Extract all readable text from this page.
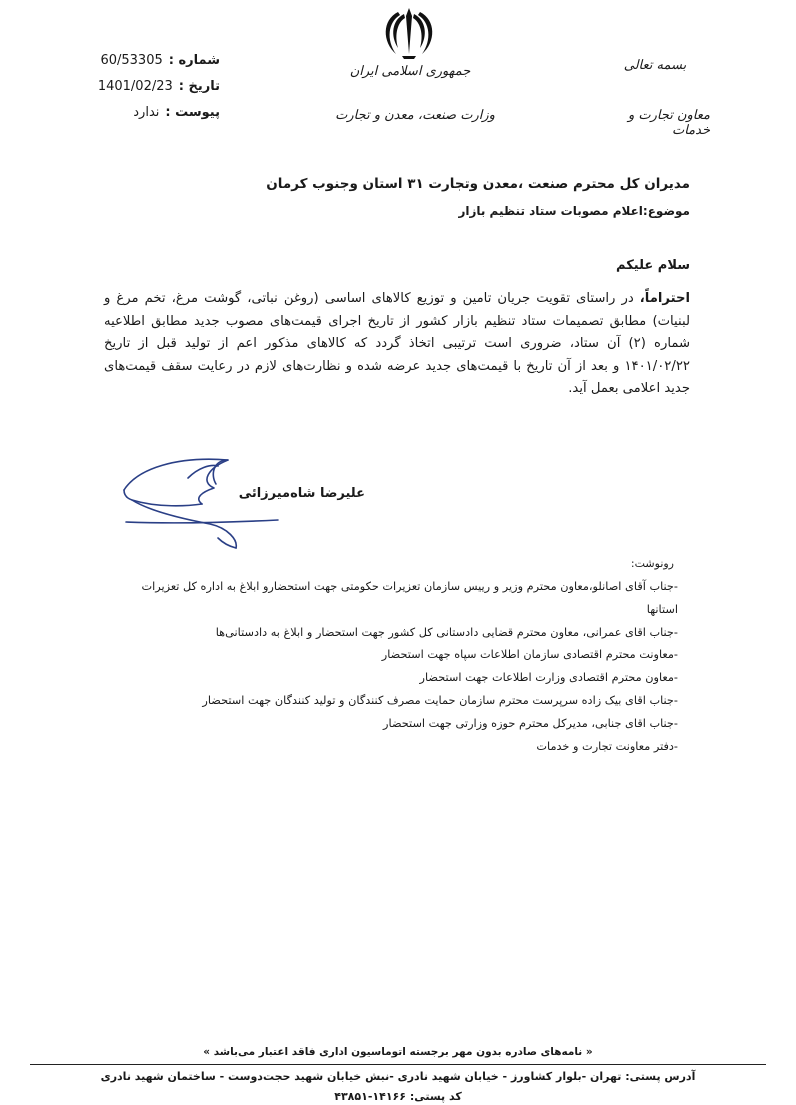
جمهوری اسلامی ایران
وزارت صنعت، معدن و تجارت
بسمه تعالی
معاون تجارت و خدمات
شماره :
60/53305
تاریخ :
1401/02/23
پیوست :
ندارد
مدیران کل محترم صنعت ،معدن وتجارت ۳۱ استان وجنوب کرمان
موضوع:اعلام مصوبات ستاد تنظیم بازار
سلام علیکم
احتراماً، در راستای تقویت جریان تامین و توزیع کالاهای اساسی (روغن نباتی، گوشت مرغ، تخم مرغ و لبنیات) مطابق تصمیمات ستاد تنظیم بازار کشور از تاریخ اجرای قیمت‌های مصوب جدید مطابق اطلاعیه شماره (۲) آن ستاد، ضروری است ترتیبی اتخاذ گردد که کالاهای مذکور اعم از تولید قبل از تاریخ ۱۴۰۱/۰۲/۲۲ و بعد از آن تاریخ با قیمت‌های جدید عرضه شده و نظارت‌های لازم در رعایت سقف قیمت‌های جدید اعلامی بعمل آید.
علیرضا شاه‌میرزائی
رونوشت:
-جناب آقای اصانلو،معاون محترم وزیر و رییس سازمان تعزیرات حکومتی جهت استحضارو ابلاغ به اداره کل تعزیرات استانها
-جناب اقای عمرانی، معاون محترم قضایی دادستانی کل کشور جهت استحضار و ابلاغ به دادستانی‌ها
-معاونت محترم اقتصادی سازمان اطلاعات سپاه جهت استحضار
-معاون محترم اقتصادی وزارت اطلاعات جهت استحضار
-جناب اقای بیک زاده سرپرست محترم سازمان حمایت مصرف کنندگان و تولید کنندگان جهت استحضار
-جناب اقای جنابی، مدیرکل محترم حوزه وزارتی جهت استحضار
-دفتر معاونت تجارت و خدمات
« نامه‌های صادره بدون مهر برجسته اتوماسیون اداری فاقد اعتبار می‌باشد »
آدرس پستی: تهران -بلوار کشاورز - خیابان شهید نادری -نبش خیابان شهید حجت‌دوست - ساختمان شهید نادری
کد پستی: ۱۴۱۶۶-۴۳۸۵۱
